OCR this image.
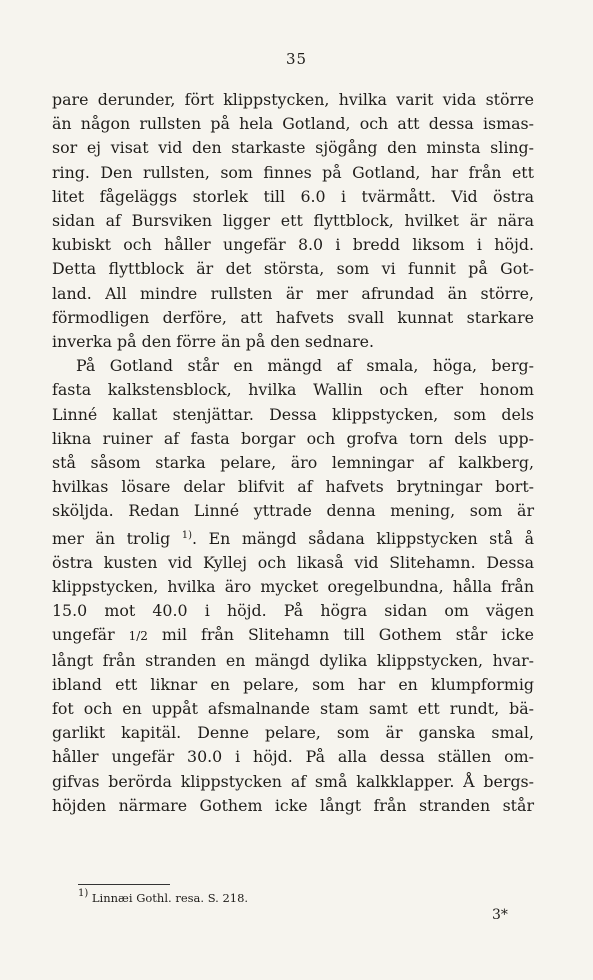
35
pare derunder, fört klippstycken, hvilka varit vida större
än någon rullsten på hela Gotland, och att dessa ismas-
sor ej visat vid den starkaste sjögång den minsta sling-
ring. Den rullsten, som finnes på Gotland, har från ett
litet fågeläggs storlek till 6.0 i tvärmått. Vid östra
sidan af Bursviken ligger ett flyttblock, hvilket är nära
kubiskt och håller ungefär 8.0 i bredd liksom i höjd.
Detta flyttblock är det största, som vi funnit på Got-
land. All mindre rullsten är mer afrundad än större,
förmodligen derföre, att hafvets svall kunnat starkare
inverka på den förre än på den sednare.
På Gotland står en mängd af smala, höga, berg-
fasta kalkstensblock, hvilka Wallin och efter honom
Linné kallat stenjättar. Dessa klippstycken, som dels
likna ruiner af fasta borgar och grofva torn dels upp-
stå såsom starka pelare, äro lemningar af kalkberg,
hvilkas lösare delar blifvit af hafvets brytningar bort-
sköljda. Redan Linné yttrade denna mening, som är
mer än trolig $^{1)}$. En mängd sådana klippstycken stå å
östra kusten vid Kyllej och likaså vid Slitehamn. Dessa
klippstycken, hvilka äro mycket oregelbundna, hålla från
15.0 mot 40.0 i höjd. På högra sidan om vägen
ungefär 1/2 mil från Slitehamn till Gothem står icke
långt från stranden en mängd dylika klippstycken, hvar-
ibland ett liknar en pelare, som har en klumpformig
fot och en uppåt afsmalnande stam samt ett rundt, bä-
garlikt kapitäl. Denne pelare, som är ganska smal,
håller ungefär 30.0 i höjd. På alla dessa ställen om-
gifvas berörda klippstycken af små kalkklapper. Å bergs-
höjden närmare Gothem icke långt från stranden står
1) Linnæi Gothl. resa. S. 218.
3*
